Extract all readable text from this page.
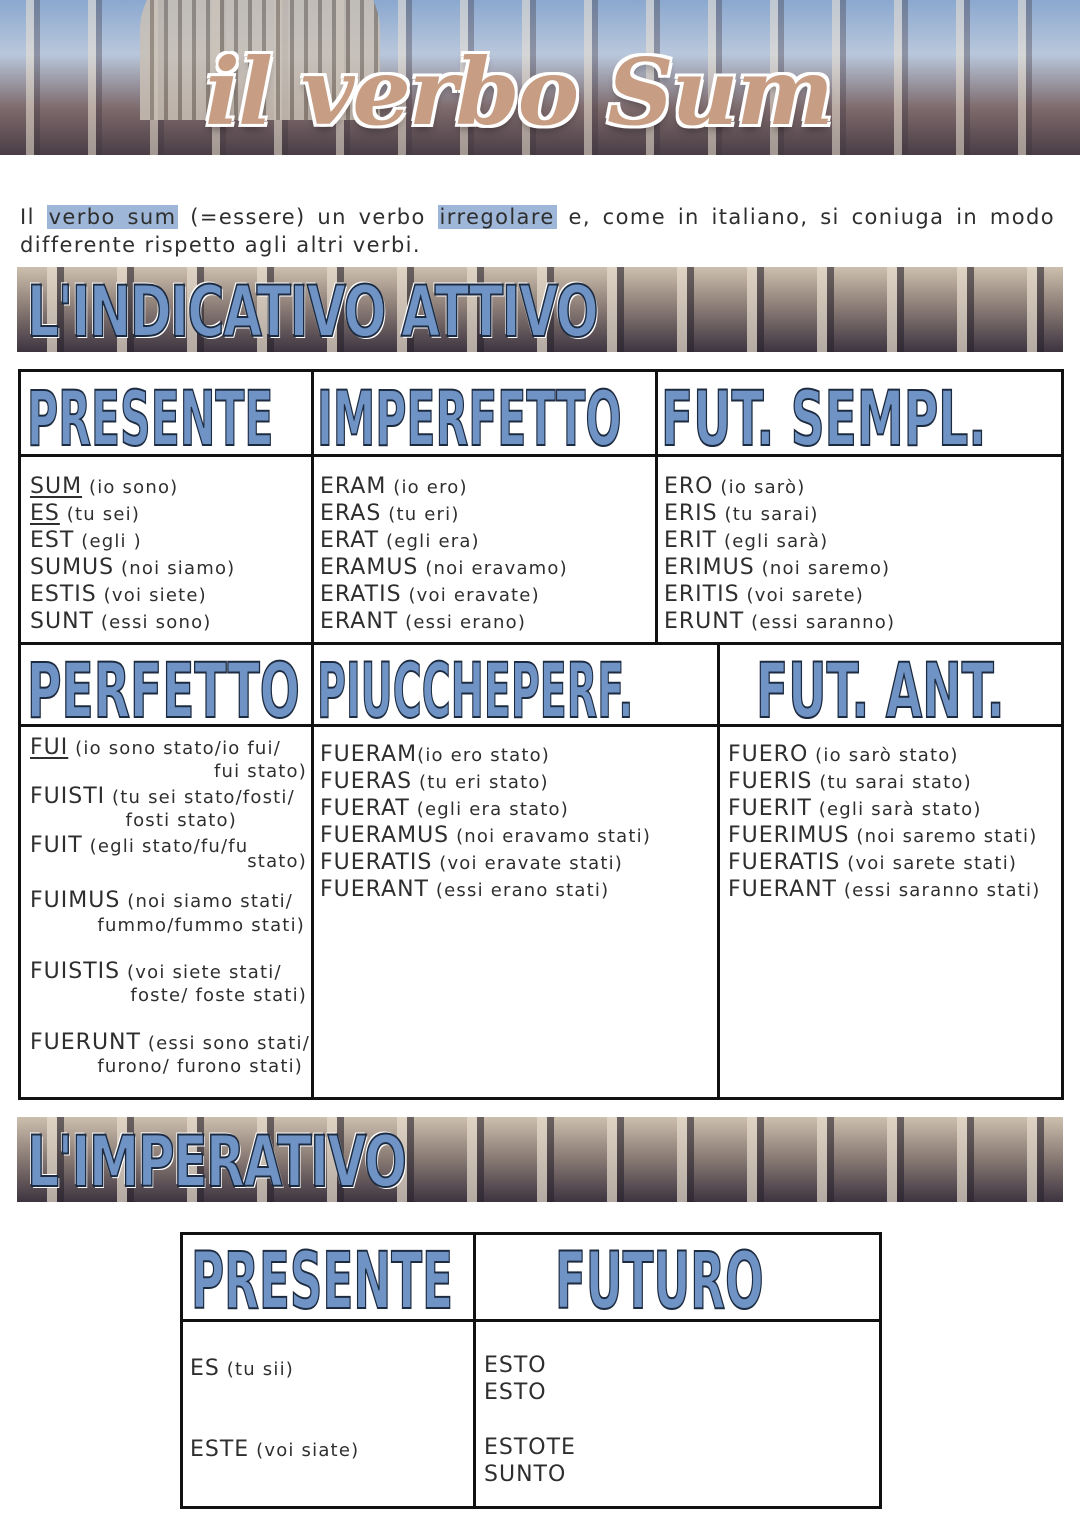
il verbo Sum
Il verbo sum (=essere) un verbo irregolare e, come in italiano, si coniuga in modo differente rispetto agli altri verbi.
L'INDICATIVO ATTIVO
PRESENTE IMPERFETTO FUT. SEMPL.
PERFETTO PIUCCHEPERF.	FUT. ANT.
SUM (io sono)
ES (tu sei)
EST (egli )
SUMUS (noi siamo)
ESTIS (voi siete)
SUNT (essi sono)
ERAM (io ero)
ERAS (tu eri)
ERAT (egli era)
ERAMUS (noi eravamo)
ERATIS (voi eravate)
ERANT (essi erano)
ERO (io sarò)
ERIS (tu sarai)
ERIT (egli sarà)
ERIMUS (noi saremo)
ERITIS (voi sarete)
ERUNT (essi saranno)
FUI (io sono stato/io fui/
fui stato)
FUISTI (tu sei stato/fosti/
fosti stato)
FUIT (egli stato/fu/fu
stato)
FUIMUS (noi siamo stati/
fummo/fummo stati)
FUISTIS (voi siete stati/
foste/ foste stati)
FUERUNT (essi sono stati/
furono/ furono stati)
FUERAM(io ero stato)
FUERAS (tu eri stato)
FUERAT (egli era stato)
FUERAMUS (noi eravamo stati)
FUERATIS (voi eravate stati)
FUERANT (essi erano stati)
FUERO (io sarò stato)
FUERIS (tu sarai stato)
FUERIT (egli sarà stato)
FUERIMUS (noi saremo stati)
FUERATIS (voi sarete stati)
FUERANT (essi saranno stati)
L'IMPERATIVO
PRESENTE FUTURO
ES (tu sii)
ESTE (voi siate)
ESTO
ESTO
ESTOTE
SUNTO
